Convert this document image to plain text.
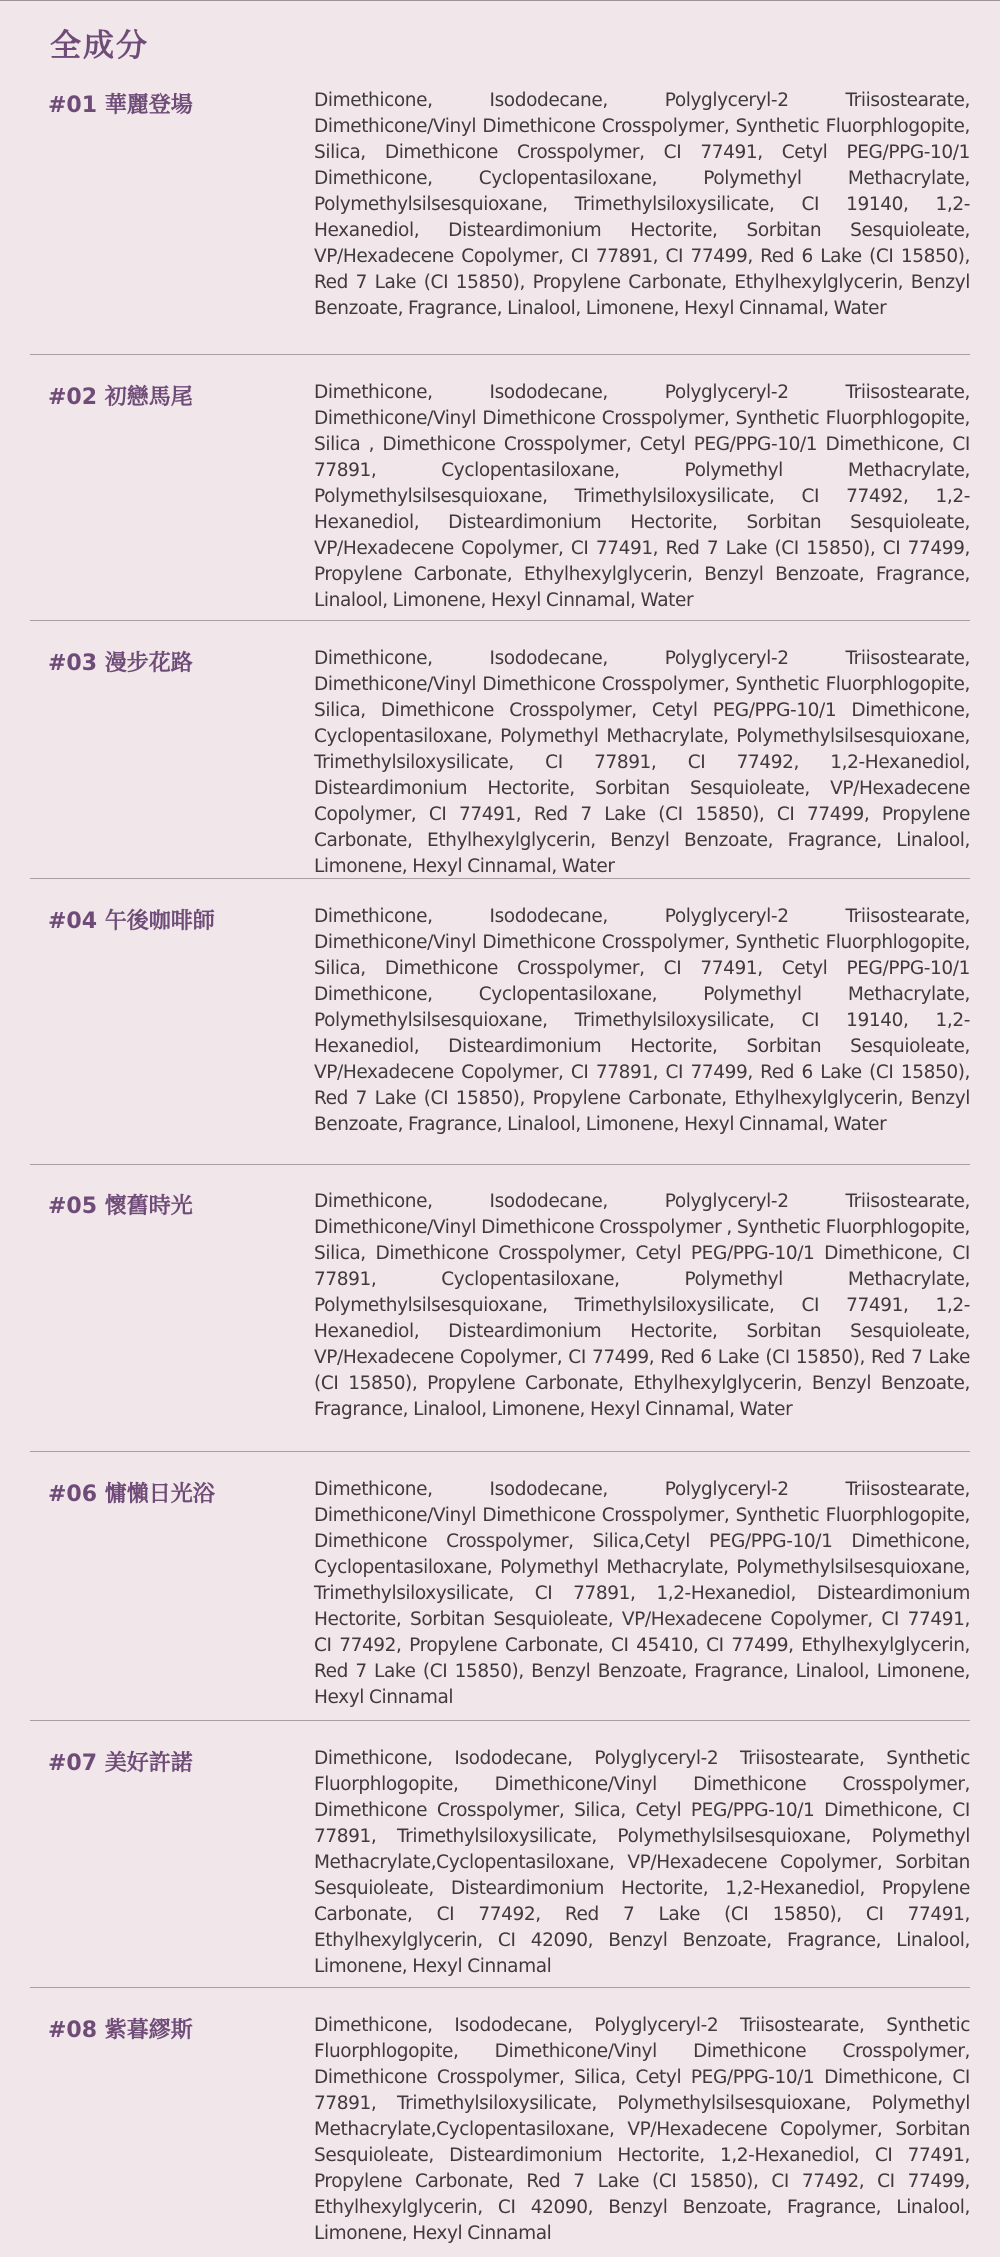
全成分
#01 華麗登場	Dimethicone, Isododecane, Polyglyceryl-2 Triisostearate, Dimethicone/Vinyl Dimethicone Crosspolymer, Synthetic Fluorphlogopite, Silica, Dimethicone Crosspolymer, CI 77491, Cetyl PEG/PPG-10/1 Dimethicone, Cyclopentasiloxane, Polymethyl Methacrylate, Polymethylsilsesquioxane, Trimethylsiloxysilicate, CI 19140, 1,2-Hexanediol, Disteardimonium Hectorite, Sorbitan Sesquioleate, VP/Hexadecene Copolymer, CI 77891, CI 77499, Red 6 Lake (CI 15850), Red 7 Lake (CI 15850), Propylene Carbonate, Ethylhexylglycerin, Benzyl Benzoate, Fragrance, Linalool, Limonene, Hexyl Cinnamal, Water
#02 初戀馬尾	Dimethicone, Isododecane, Polyglyceryl-2 Triisostearate, Dimethicone/Vinyl Dimethicone Crosspolymer, Synthetic Fluorphlogopite, Silica , Dimethicone Crosspolymer, Cetyl PEG/PPG-10/1 Dimethicone, CI 77891, Cyclopentasiloxane, Polymethyl Methacrylate, Polymethylsilsesquioxane, Trimethylsiloxysilicate, CI 77492, 1,2-Hexanediol, Disteardimonium Hectorite, Sorbitan Sesquioleate, VP/Hexadecene Copolymer, CI 77491, Red 7 Lake (CI 15850), CI 77499, Propylene Carbonate, Ethylhexylglycerin, Benzyl Benzoate, Fragrance, Linalool, Limonene, Hexyl Cinnamal, Water
#03 漫步花路	Dimethicone, Isododecane, Polyglyceryl-2 Triisostearate, Dimethicone/Vinyl Dimethicone Crosspolymer, Synthetic Fluorphlogopite, Silica, Dimethicone Crosspolymer, Cetyl PEG/PPG-10/1 Dimethicone, Cyclopentasiloxane, Polymethyl Methacrylate, Polymethylsilsesquioxane, Trimethylsiloxysilicate, CI 77891, CI 77492, 1,2-Hexanediol, Disteardimonium Hectorite, Sorbitan Sesquioleate, VP/Hexadecene Copolymer, CI 77491, Red 7 Lake (CI 15850), CI 77499, Propylene Carbonate, Ethylhexylglycerin, Benzyl Benzoate, Fragrance, Linalool, Limonene, Hexyl Cinnamal, Water
#04 午後咖啡師	Dimethicone, Isododecane, Polyglyceryl-2 Triisostearate, Dimethicone/Vinyl Dimethicone Crosspolymer, Synthetic Fluorphlogopite, Silica, Dimethicone Crosspolymer, CI 77491, Cetyl PEG/PPG-10/1 Dimethicone, Cyclopentasiloxane, Polymethyl Methacrylate, Polymethylsilsesquioxane, Trimethylsiloxysilicate, CI 19140, 1,2-Hexanediol, Disteardimonium Hectorite, Sorbitan Sesquioleate, VP/Hexadecene Copolymer, CI 77891, CI 77499, Red 6 Lake (CI 15850), Red 7 Lake (CI 15850), Propylene Carbonate, Ethylhexylglycerin, Benzyl Benzoate, Fragrance, Linalool, Limonene, Hexyl Cinnamal, Water
#05 懷舊時光	Dimethicone, Isododecane, Polyglyceryl-2 Triisostearate, Dimethicone/Vinyl Dimethicone Crosspolymer , Synthetic Fluorphlogopite, Silica, Dimethicone Crosspolymer, Cetyl PEG/PPG-10/1 Dimethicone, CI 77891, Cyclopentasiloxane, Polymethyl Methacrylate, Polymethylsilsesquioxane, Trimethylsiloxysilicate, CI 77491, 1,2-Hexanediol, Disteardimonium Hectorite, Sorbitan Sesquioleate, VP/Hexadecene Copolymer, CI 77499, Red 6 Lake (CI 15850), Red 7 Lake (CI 15850), Propylene Carbonate, Ethylhexylglycerin, Benzyl Benzoate, Fragrance, Linalool, Limonene, Hexyl Cinnamal, Water
#06 慵懶日光浴	Dimethicone, Isododecane, Polyglyceryl-2 Triisostearate, Dimethicone/Vinyl Dimethicone Crosspolymer, Synthetic Fluorphlogopite, Dimethicone Crosspolymer, Silica,Cetyl PEG/PPG-10/1 Dimethicone, Cyclopentasiloxane, Polymethyl Methacrylate, Polymethylsilsesquioxane, Trimethylsiloxysilicate, CI 77891, 1,2-Hexanediol, Disteardimonium Hectorite, Sorbitan Sesquioleate, VP/Hexadecene Copolymer, CI 77491, CI 77492, Propylene Carbonate, CI 45410, CI 77499, Ethylhexylglycerin, Red 7 Lake (CI 15850), Benzyl Benzoate, Fragrance, Linalool, Limonene, Hexyl Cinnamal
#07 美好許諾	Dimethicone, Isododecane, Polyglyceryl-2 Triisostearate, Synthetic Fluorphlogopite, Dimethicone/Vinyl Dimethicone Crosspolymer, Dimethicone Crosspolymer, Silica, Cetyl PEG/PPG-10/1 Dimethicone, CI 77891, Trimethylsiloxysilicate, Polymethylsilsesquioxane, Polymethyl Methacrylate,Cyclopentasiloxane, VP/Hexadecene Copolymer, Sorbitan Sesquioleate, Disteardimonium Hectorite, 1,2-Hexanediol, Propylene Carbonate, CI 77492, Red 7 Lake (CI 15850), CI 77491, Ethylhexylglycerin, CI 42090, Benzyl Benzoate, Fragrance, Linalool, Limonene, Hexyl Cinnamal
#08 紫暮繆斯	Dimethicone, Isododecane, Polyglyceryl-2 Triisostearate, Synthetic Fluorphlogopite, Dimethicone/Vinyl Dimethicone Crosspolymer, Dimethicone Crosspolymer, Silica, Cetyl PEG/PPG-10/1 Dimethicone, CI 77891, Trimethylsiloxysilicate, Polymethylsilsesquioxane, Polymethyl Methacrylate,Cyclopentasiloxane, VP/Hexadecene Copolymer, Sorbitan Sesquioleate, Disteardimonium Hectorite, 1,2-Hexanediol, CI 77491, Propylene Carbonate, Red 7 Lake (CI 15850), CI 77492, CI 77499, Ethylhexylglycerin, CI 42090, Benzyl Benzoate, Fragrance, Linalool, Limonene, Hexyl Cinnamal
